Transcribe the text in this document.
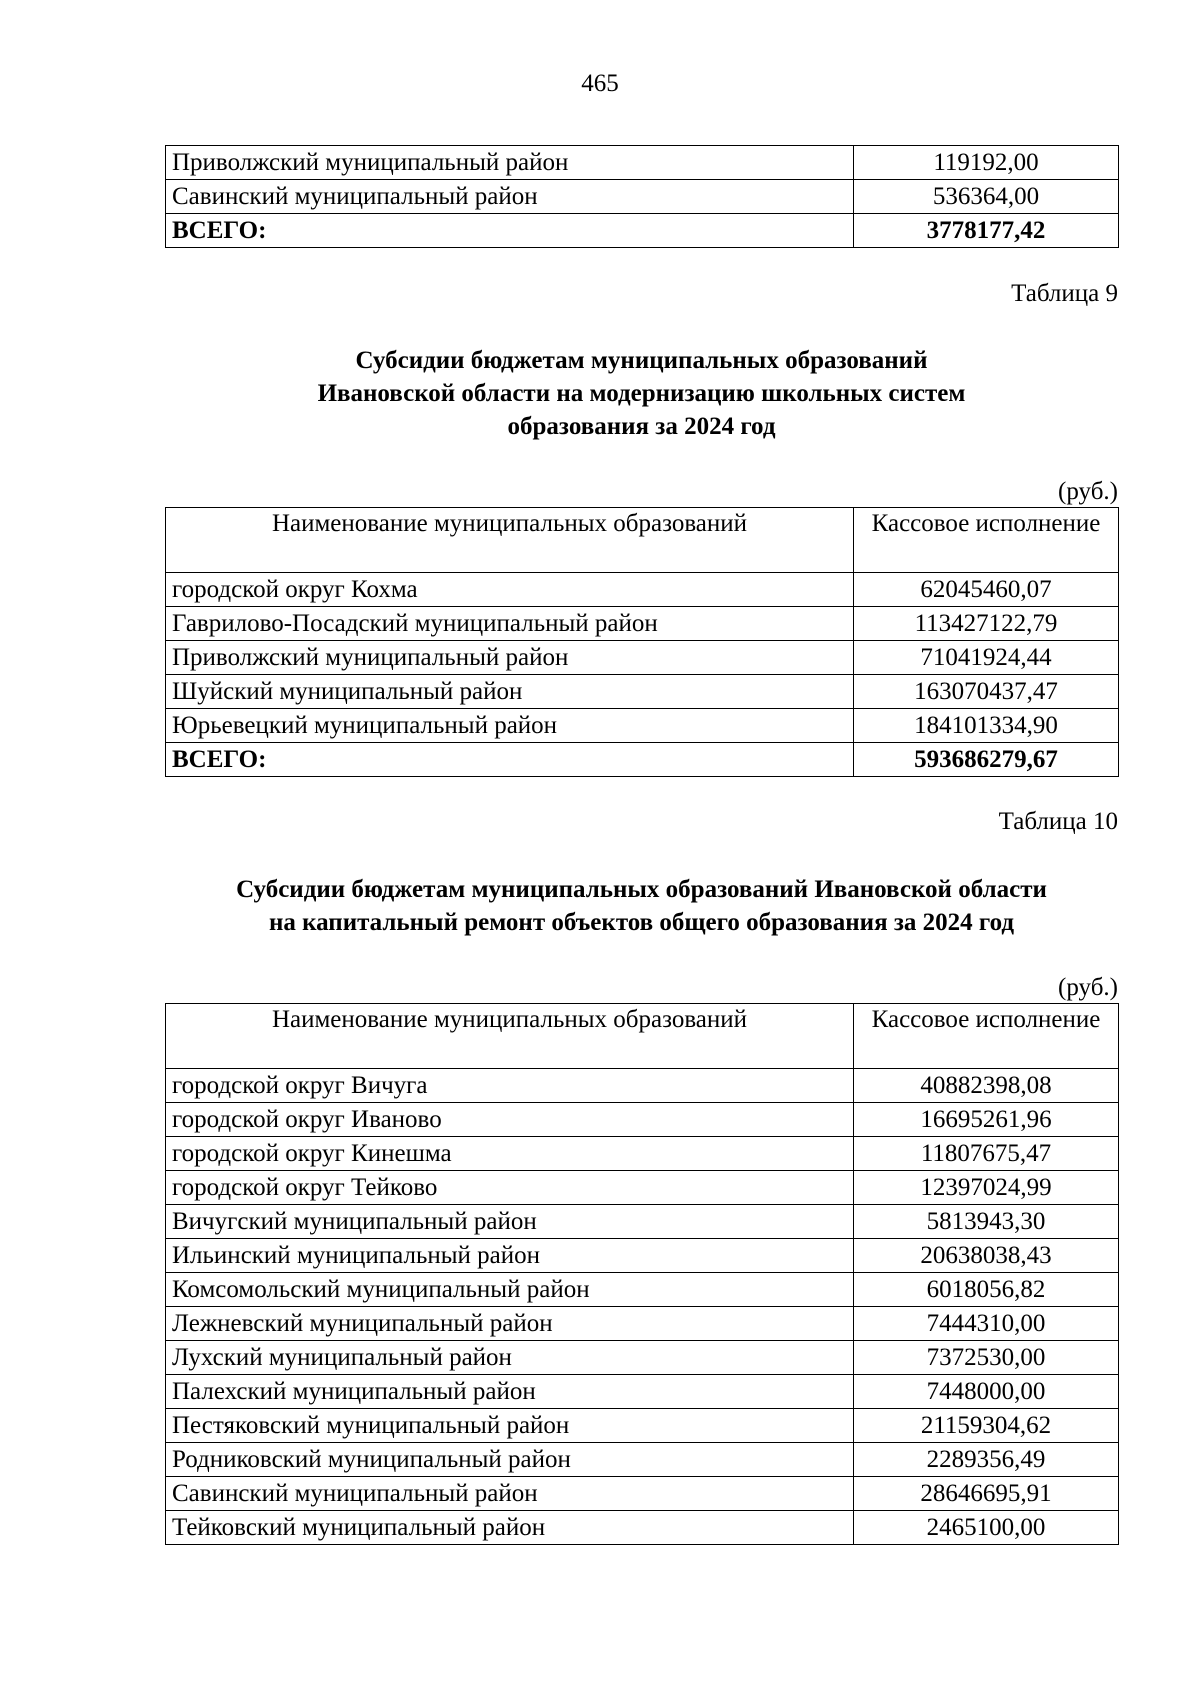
465
Приволжский муниципальный район	119192,00
Савинский муниципальный район	536364,00
ВСЕГО:	3778177,42
Таблица 9
Субсидии бюджетам муниципальных образований
Ивановской области на модернизацию школьных систем
образования за 2024 год
(руб.)
Наименование муниципальных образований	Кассовое исполнение
городской округ Кохма	62045460,07
Гаврилово-Посадский муниципальный район	113427122,79
Приволжский муниципальный район	71041924,44
Шуйский муниципальный район	163070437,47
Юрьевецкий муниципальный район	184101334,90
ВСЕГО:	593686279,67
Таблица 10
Субсидии бюджетам муниципальных образований Ивановской области
на капитальный ремонт объектов общего образования за 2024 год
(руб.)
Наименование муниципальных образований	Кассовое исполнение
городской округ Вичуга	40882398,08
городской округ Иваново	16695261,96
городской округ Кинешма	11807675,47
городской округ Тейково	12397024,99
Вичугский муниципальный район	5813943,30
Ильинский муниципальный район	20638038,43
Комсомольский муниципальный район	6018056,82
Лежневский муниципальный район	7444310,00
Лухский муниципальный район	7372530,00
Палехский муниципальный район	7448000,00
Пестяковский муниципальный район	21159304,62
Родниковский муниципальный район	2289356,49
Савинский муниципальный район	28646695,91
Тейковский муниципальный район	2465100,00
